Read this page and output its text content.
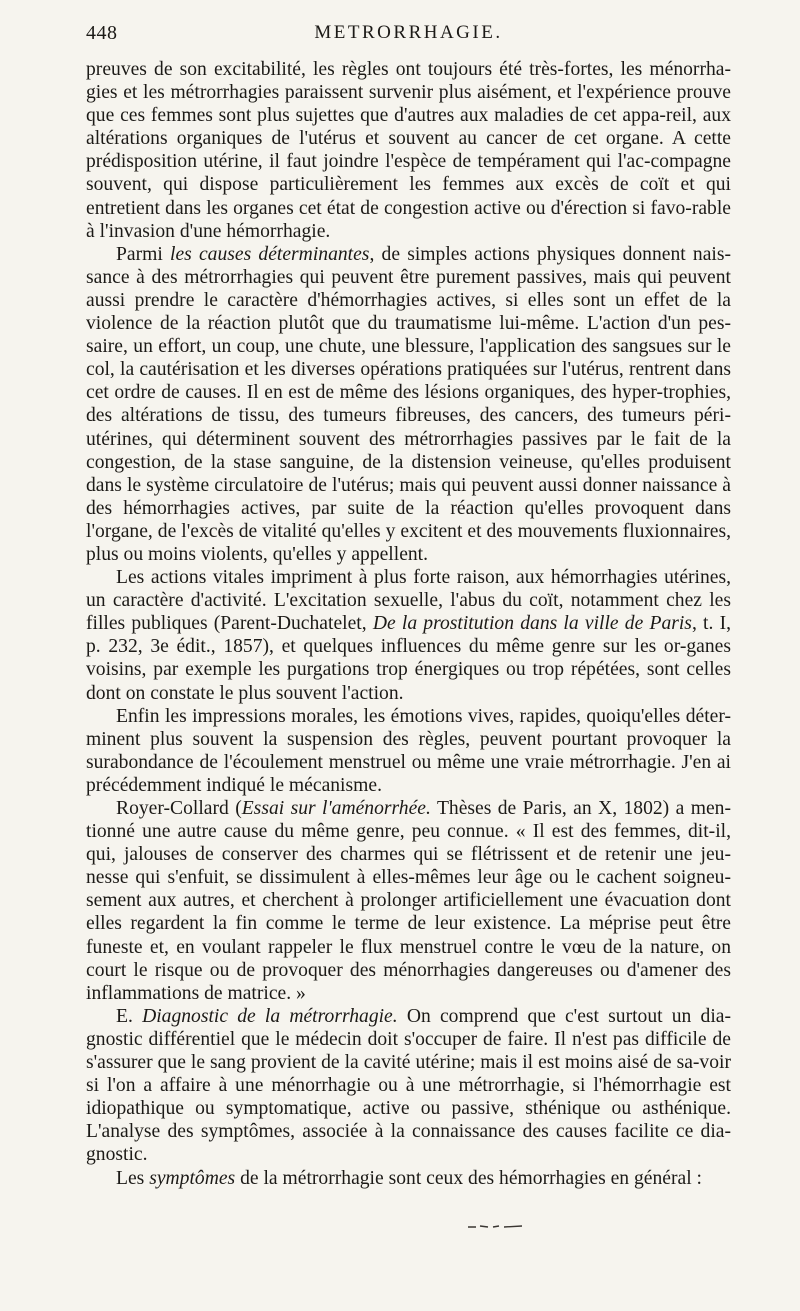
448	METRORRHAGIE.

preuves de son excitabilité, les règles ont toujours été très-fortes, les ménorrha-gies et les métrorrhagies paraissent survenir plus aisément, et l'expérience prouve que ces femmes sont plus sujettes que d'autres aux maladies de cet appa-reil, aux altérations organiques de l'utérus et souvent au cancer de cet organe. A cette prédisposition utérine, il faut joindre l'espèce de tempérament qui l'ac-compagne souvent, qui dispose particulièrement les femmes aux excès de coït et qui entretient dans les organes cet état de congestion active ou d'érection si favo-rable à l'invasion d'une hémorrhagie.

Parmi les causes déterminantes, de simples actions physiques donnent nais-sance à des métrorrhagies qui peuvent être purement passives, mais qui peuvent aussi prendre le caractère d'hémorrhagies actives, si elles sont un effet de la violence de la réaction plutôt que du traumatisme lui-même. L'action d'un pes-saire, un effort, un coup, une chute, une blessure, l'application des sangsues sur le col, la cautérisation et les diverses opérations pratiquées sur l'utérus, rentrent dans cet ordre de causes. Il en est de même des lésions organiques, des hyper-trophies, des altérations de tissu, des tumeurs fibreuses, des cancers, des tumeurs péri-utérines, qui déterminent souvent des métrorrhagies passives par le fait de la congestion, de la stase sanguine, de la distension veineuse, qu'elles produisent dans le système circulatoire de l'utérus; mais qui peuvent aussi donner naissance à des hémorrhagies actives, par suite de la réaction qu'elles provoquent dans l'organe, de l'excès de vitalité qu'elles y excitent et des mouvements fluxionnaires, plus ou moins violents, qu'elles y appellent.

Les actions vitales impriment à plus forte raison, aux hémorrhagies utérines, un caractère d'activité. L'excitation sexuelle, l'abus du coït, notamment chez les filles publiques (Parent-Duchatelet, De la prostitution dans la ville de Paris, t. I, p. 232, 3e édit., 1857), et quelques influences du même genre sur les or-ganes voisins, par exemple les purgations trop énergiques ou trop répétées, sont celles dont on constate le plus souvent l'action.

Enfin les impressions morales, les émotions vives, rapides, quoiqu'elles déter-minent plus souvent la suspension des règles, peuvent pourtant provoquer la surabondance de l'écoulement menstruel ou même une vraie métrorrhagie. J'en ai précédemment indiqué le mécanisme.

Royer-Collard (Essai sur l'aménorrhée. Thèses de Paris, an X, 1802) a men-tionné une autre cause du même genre, peu connue. « Il est des femmes, dit-il, qui, jalouses de conserver des charmes qui se flétrissent et de retenir une jeu-nesse qui s'enfuit, se dissimulent à elles-mêmes leur âge ou le cachent soigneu-sement aux autres, et cherchent à prolonger artificiellement une évacuation dont elles regardent la fin comme le terme de leur existence. La méprise peut être funeste et, en voulant rappeler le flux menstruel contre le vœu de la nature, on court le risque ou de provoquer des ménorrhagies dangereuses ou d'amener des inflammations de matrice. »

E. Diagnostic de la métrorrhagie. On comprend que c'est surtout un dia-gnostic différentiel que le médecin doit s'occuper de faire. Il n'est pas difficile de s'assurer que le sang provient de la cavité utérine; mais il est moins aisé de sa-voir si l'on a affaire à une ménorrhagie ou à une métrorrhagie, si l'hémorrhagie est idiopathique ou symptomatique, active ou passive, sthénique ou asthénique. L'analyse des symptômes, associée à la connaissance des causes facilite ce dia-gnostic.

Les symptômes de la métrorrhagie sont ceux des hémorrhagies en général :
